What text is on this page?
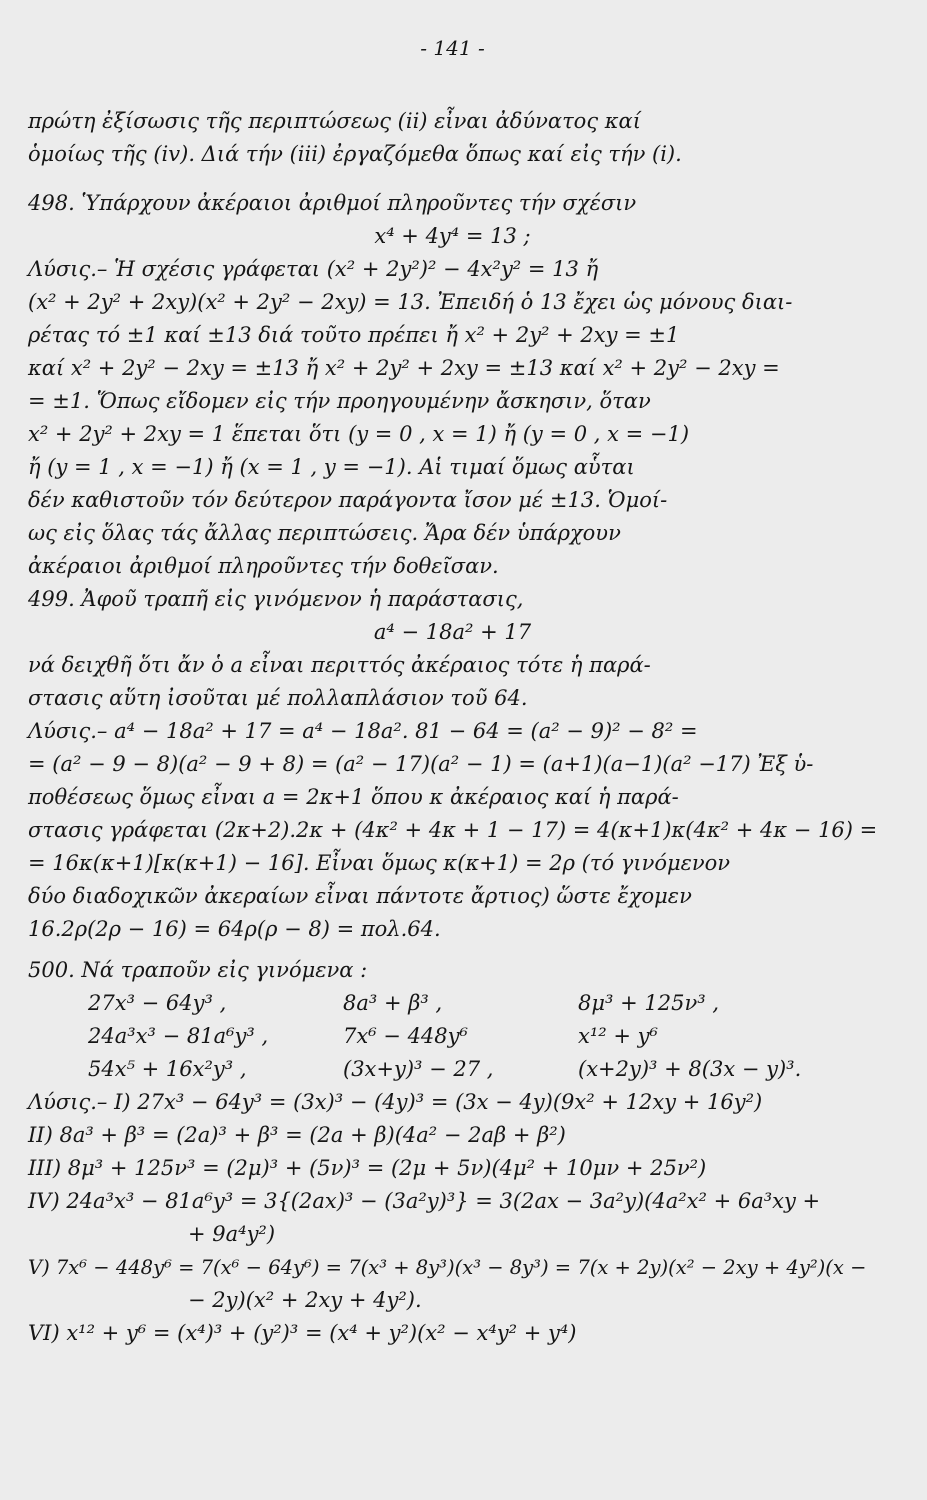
- 141 -
πρώτη ἐξίσωσις τῆς περιπτώσεως (ii) εἶναι ἀδύνατος καί
ὁμοίως τῆς (iv). Διά τήν (iii) ἐργαζόμεθα ὅπως καί εἰς τήν (i).
498. Ὑπάρχουν ἀκέραιοι ἀριθμοί πληροῦντες τήν σχέσιν
x⁴ + 4y⁴ = 13 ;
Λύσις.– Ἡ σχέσις γράφεται (x² + 2y²)² − 4x²y² = 13 ἤ
(x² + 2y² + 2xy)(x² + 2y² − 2xy) = 13. Ἐπειδή ὁ 13 ἔχει ὡς μόνους διαι-
ρέτας τό ±1 καί ±13 διά τοῦτο πρέπει ἤ x² + 2y² + 2xy = ±1
καί x² + 2y² − 2xy = ±13 ἤ x² + 2y² + 2xy = ±13 καί x² + 2y² − 2xy =
= ±1. Ὅπως εἴδομεν εἰς τήν προηγουμένην ἄσκησιν, ὅταν
x² + 2y² + 2xy = 1 ἕπεται ὅτι (y = 0 , x = 1) ἤ (y = 0 , x = −1)
ἤ (y = 1 , x = −1) ἤ (x = 1 , y = −1). Αἱ τιμαί ὅμως αὗται
δέν καθιστοῦν τόν δεύτερον παράγοντα ἴσον μέ ±13. Ὁμοί-
ως εἰς ὅλας τάς ἄλλας περιπτώσεις. Ἄρα δέν ὑπάρχουν
ἀκέραιοι ἀριθμοί πληροῦντες τήν δοθεῖσαν.
499. Ἀφοῦ τραπῆ εἰς γινόμενον ἡ παράστασις,
a⁴ − 18a² + 17
νά δειχθῆ ὅτι ἄν ὁ a εἶναι περιττός ἀκέραιος τότε ἡ παρά-
στασις αὕτη ἰσοῦται μέ πολλαπλάσιον τοῦ 64.
Λύσις.– a⁴ − 18a² + 17 = a⁴ − 18a². 81 − 64 = (a² − 9)² − 8² =
= (a² − 9 − 8)(a² − 9 + 8) = (a² − 17)(a² − 1) = (a+1)(a−1)(a² −17) Ἐξ ὑ-
ποθέσεως ὅμως εἶναι a = 2κ+1 ὅπου κ ἀκέραιος καί ἡ παρά-
στασις γράφεται (2κ+2).2κ + (4κ² + 4κ + 1 − 17) = 4(κ+1)κ(4κ² + 4κ − 16) =
= 16κ(κ+1)[κ(κ+1) − 16]. Εἶναι ὅμως κ(κ+1) = 2ρ (τό γινόμενον
δύο διαδοχικῶν ἀκεραίων εἶναι πάντοτε ἄρτιος) ὥστε ἔχομεν
16.2ρ(2ρ − 16) = 64ρ(ρ − 8) = πολ.64.
500. Νά τραποῦν εἰς γινόμενα :
27x³ − 64y³ ,	8a³ + β³ ,	8μ³ + 125ν³ ,
24a³x³ − 81a⁶y³ ,	7x⁶ − 448y⁶	x¹² + y⁶
54x⁵ + 16x²y³ ,	(3x+y)³ − 27 ,	(x+2y)³ + 8(3x − y)³.
Λύσις.– I) 27x³ − 64y³ = (3x)³ − (4y)³ = (3x − 4y)(9x² + 12xy + 16y²)
II) 8a³ + β³ = (2a)³ + β³ = (2a + β)(4a² − 2aβ + β²)
III) 8μ³ + 125ν³ = (2μ)³ + (5ν)³ = (2μ + 5ν)(4μ² + 10μν + 25ν²)
IV) 24a³x³ − 81a⁶y³ = 3{(2ax)³ − (3a²y)³} = 3(2ax − 3a²y)(4a²x² + 6a³xy +
+ 9a⁴y²)
V) 7x⁶ − 448y⁶ = 7(x⁶ − 64y⁶) = 7(x³ + 8y³)(x³ − 8y³) = 7(x + 2y)(x² − 2xy + 4y²)(x −
− 2y)(x² + 2xy + 4y²).
VI) x¹² + y⁶ = (x⁴)³ + (y²)³ = (x⁴ + y²)(x² − x⁴y² + y⁴)
